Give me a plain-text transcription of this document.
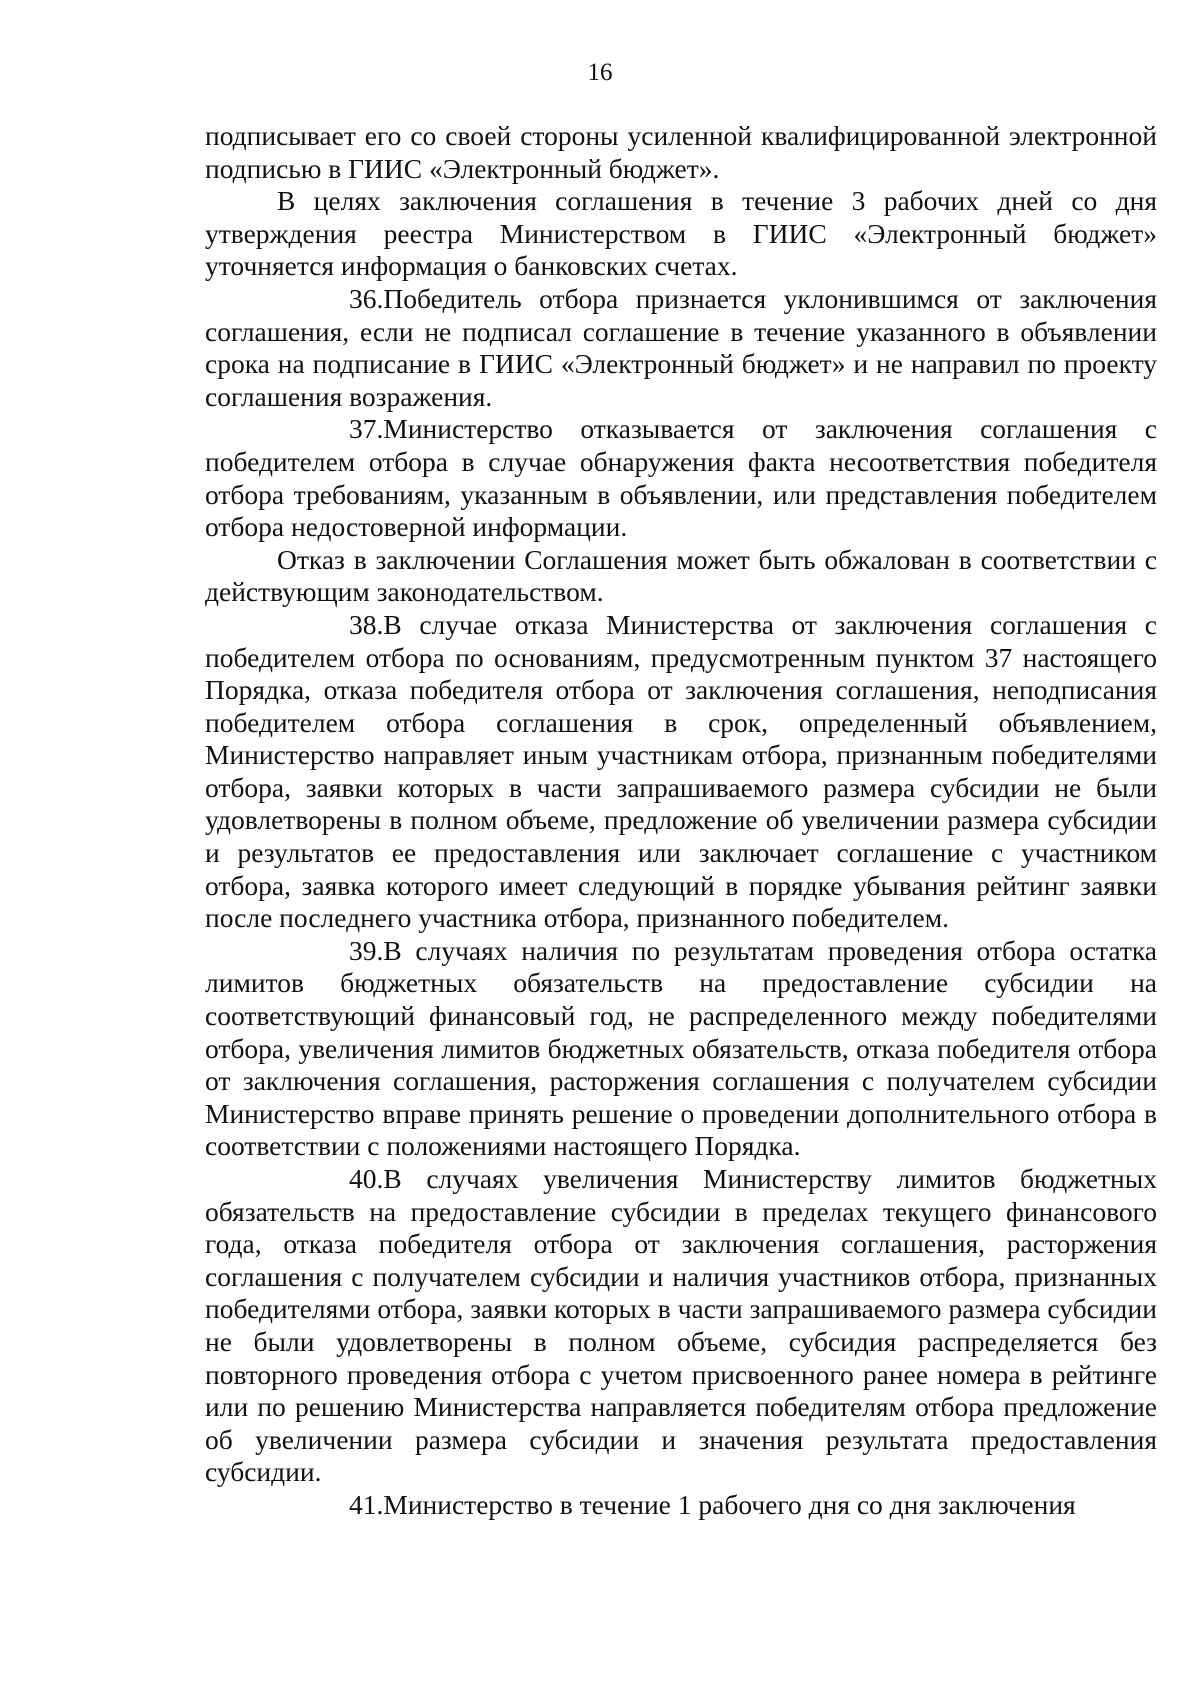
16

подписывает его со своей стороны усиленной квалифицированной электронной подписью в ГИИС «Электронный бюджет».

В целях заключения соглашения в течение 3 рабочих дней со дня утверждения реестра Министерством в ГИИС «Электронный бюджет» уточняется информация о банковских счетах.

36.Победитель отбора признается уклонившимся от заключения соглашения, если не подписал соглашение в течение указанного в объявлении срока на подписание в ГИИС «Электронный бюджет» и не направил по проекту соглашения возражения.

37.Министерство отказывается от заключения соглашения с победителем отбора в случае обнаружения факта несоответствия победителя отбора требованиям, указанным в объявлении, или представления победителем отбора недостоверной информации.

Отказ в заключении Соглашения может быть обжалован в соответствии с действующим законодательством.

38.В случае отказа Министерства от заключения соглашения с победителем отбора по основаниям, предусмотренным пунктом 37 настоящего Порядка, отказа победителя отбора от заключения соглашения, неподписания победителем отбора соглашения в срок, определенный объявлением, Министерство направляет иным участникам отбора, признанным победителями отбора, заявки которых в части запрашиваемого размера субсидии не были удовлетворены в полном объеме, предложение об увеличении размера субсидии и результатов ее предоставления или заключает соглашение с участником отбора, заявка которого имеет следующий в порядке убывания рейтинг заявки после последнего участника отбора, признанного победителем.

39.В случаях наличия по результатам проведения отбора остатка лимитов бюджетных обязательств на предоставление субсидии на соответствующий финансовый год, не распределенного между победителями отбора, увеличения лимитов бюджетных обязательств, отказа победителя отбора от заключения соглашения, расторжения соглашения с получателем субсидии Министерство вправе принять решение о проведении дополнительного отбора в соответствии с положениями настоящего Порядка.

40.В случаях увеличения Министерству лимитов бюджетных обязательств на предоставление субсидии в пределах текущего финансового года, отказа победителя отбора от заключения соглашения, расторжения соглашения с получателем субсидии и наличия участников отбора, признанных победителями отбора, заявки которых в части запрашиваемого размера субсидии не были удовлетворены в полном объеме, субсидия распределяется без повторного проведения отбора с учетом присвоенного ранее номера в рейтинге или по решению Министерства направляется победителям отбора предложение об увеличении размера субсидии и значения результата предоставления субсидии.

41.Министерство в течение 1 рабочего дня со дня заключения
